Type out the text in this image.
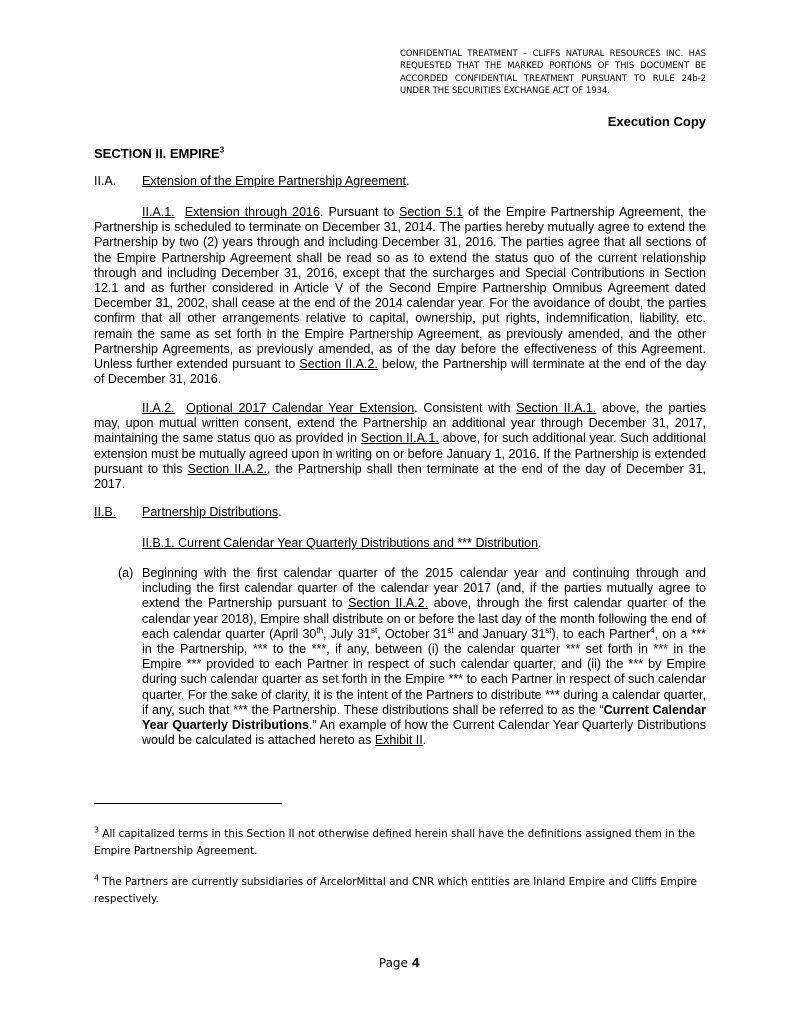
CONFIDENTIAL TREATMENT – CLIFFS NATURAL RESOURCES INC. HAS REQUESTED THAT THE MARKED PORTIONS OF THIS DOCUMENT BE ACCORDED CONFIDENTIAL TREATMENT PURSUANT TO RULE 24b-2 UNDER THE SECURITIES EXCHANGE ACT OF 1934.
Execution Copy
SECTION II. EMPIRE$^3$
II.A. Extension of the Empire Partnership Agreement.
II.A.1. Extension through 2016. Pursuant to Section 5.1 of the Empire Partnership Agreement, the Partnership is scheduled to terminate on December 31, 2014. The parties hereby mutually agree to extend the Partnership by two (2) years through and including December 31, 2016. The parties agree that all sections of the Empire Partnership Agreement shall be read so as to extend the status quo of the current relationship through and including December 31, 2016, except that the surcharges and Special Contributions in Section 12.1 and as further considered in Article V of the Second Empire Partnership Omnibus Agreement dated December 31, 2002, shall cease at the end of the 2014 calendar year. For the avoidance of doubt, the parties confirm that all other arrangements relative to capital, ownership, put rights, indemnification, liability, etc. remain the same as set forth in the Empire Partnership Agreement, as previously amended, and the other Partnership Agreements, as previously amended, as of the day before the effectiveness of this Agreement. Unless further extended pursuant to Section II.A.2. below, the Partnership will terminate at the end of the day of December 31, 2016.
II.A.2. Optional 2017 Calendar Year Extension. Consistent with Section II.A.1. above, the parties may, upon mutual written consent, extend the Partnership an additional year through December 31, 2017, maintaining the same status quo as provided in Section II.A.1. above, for such additional year. Such additional extension must be mutually agreed upon in writing on or before January 1, 2016. If the Partnership is extended pursuant to this Section II.A.2., the Partnership shall then terminate at the end of the day of December 31, 2017.
II.B. Partnership Distributions.
II.B.1. Current Calendar Year Quarterly Distributions and *** Distribution.
(a) Beginning with the first calendar quarter of the 2015 calendar year and continuing through and including the first calendar quarter of the calendar year 2017 (and, if the parties mutually agree to extend the Partnership pursuant to Section II.A.2. above, through the first calendar quarter of the calendar year 2018), Empire shall distribute on or before the last day of the month following the end of each calendar quarter (April 30th, July 31st, October 31st and January 31st), to each Partner$^4$, on a *** in the Partnership, *** to the ***, if any, between (i) the calendar quarter *** set forth in *** in the Empire *** provided to each Partner in respect of such calendar quarter, and (ii) the *** by Empire during such calendar quarter as set forth in the Empire *** to each Partner in respect of such calendar quarter. For the sake of clarity, it is the intent of the Partners to distribute *** during a calendar quarter, if any, such that *** the Partnership. These distributions shall be referred to as the “Current Calendar Year Quarterly Distributions.” An example of how the Current Calendar Year Quarterly Distributions would be calculated is attached hereto as Exhibit II.
$^3$ All capitalized terms in this Section II not otherwise defined herein shall have the definitions assigned them in the Empire Partnership Agreement.
$^4$ The Partners are currently subsidiaries of ArcelorMittal and CNR which entities are Inland Empire and Cliffs Empire respectively.
Page 4
